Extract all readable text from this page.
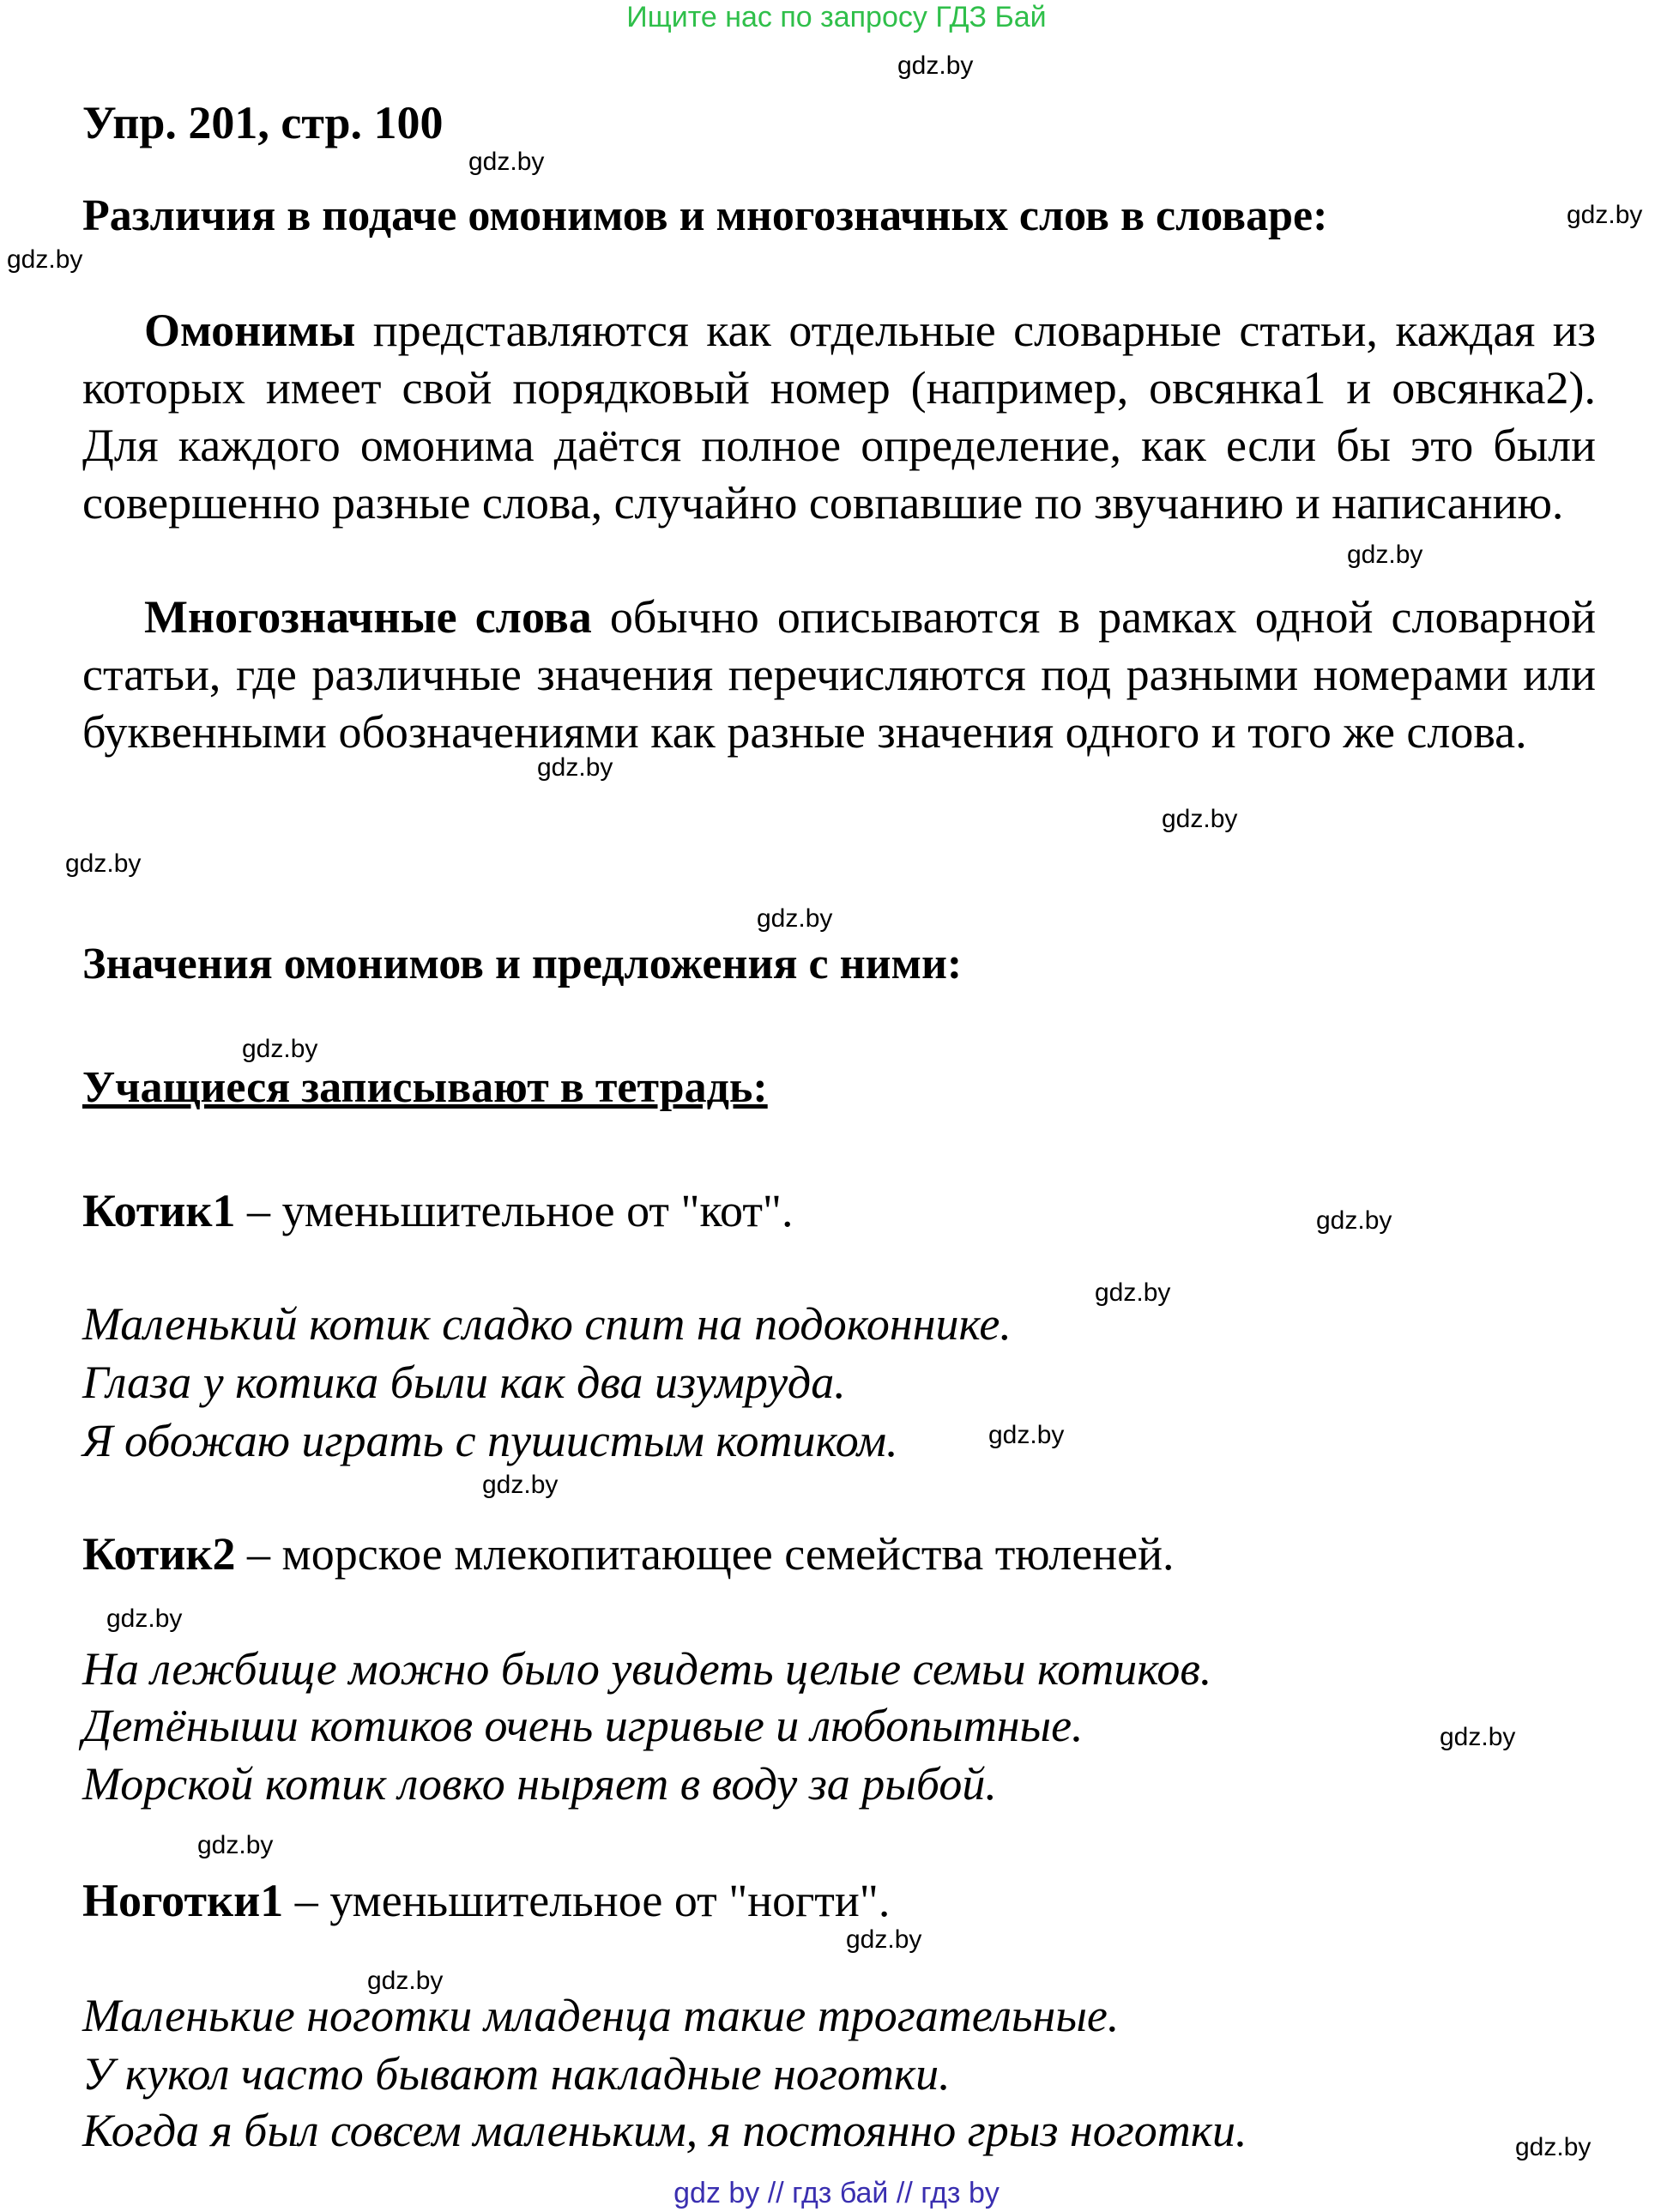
Ищите нас по запросу ГДЗ Бай
gdz.by
gdz.by
gdz.by
gdz.by
gdz.by
gdz.by
gdz.by
gdz.by
gdz.by
gdz.by
gdz.by
gdz.by
gdz.by
gdz.by
gdz.by
gdz.by
gdz.by
gdz.by
gdz.by
gdz.by
Упр. 201, стр. 100
Различия в подаче омонимов и многозначных слов в словаре:
Омонимы представляются как отдельные словарные статьи, каждая из которых имеет свой порядковый номер (например, овсянка1 и овсянка2). Для каждого омонима даётся полное определение, как если бы это были совершенно разные слова, случайно совпавшие по звучанию и написанию.
Многозначные слова обычно описываются в рамках одной словарной статьи, где различные значения перечисляются под разными номерами или буквенными обозначениями как разные значения одного и того же слова.
Значения омонимов и предложения с ними:
Учащиеся записывают в тетрадь:
Котик1 – уменьшительное от "кот".
Маленький котик сладко спит на подоконнике.
Глаза у котика были как два изумруда.
Я обожаю играть с пушистым котиком.
Котик2 – морское млекопитающее семейства тюленей.
На лежбище можно было увидеть целые семьи котиков.
Детёныши котиков очень игривые и любопытные.
Морской котик ловко ныряет в воду за рыбой.
Ноготки1 – уменьшительное от "ногти".
Маленькие ноготки младенца такие трогательные.
У кукол часто бывают накладные ноготки.
Когда я был совсем маленьким, я постоянно грыз ноготки.
gdz by // гдз бай // гдз by
